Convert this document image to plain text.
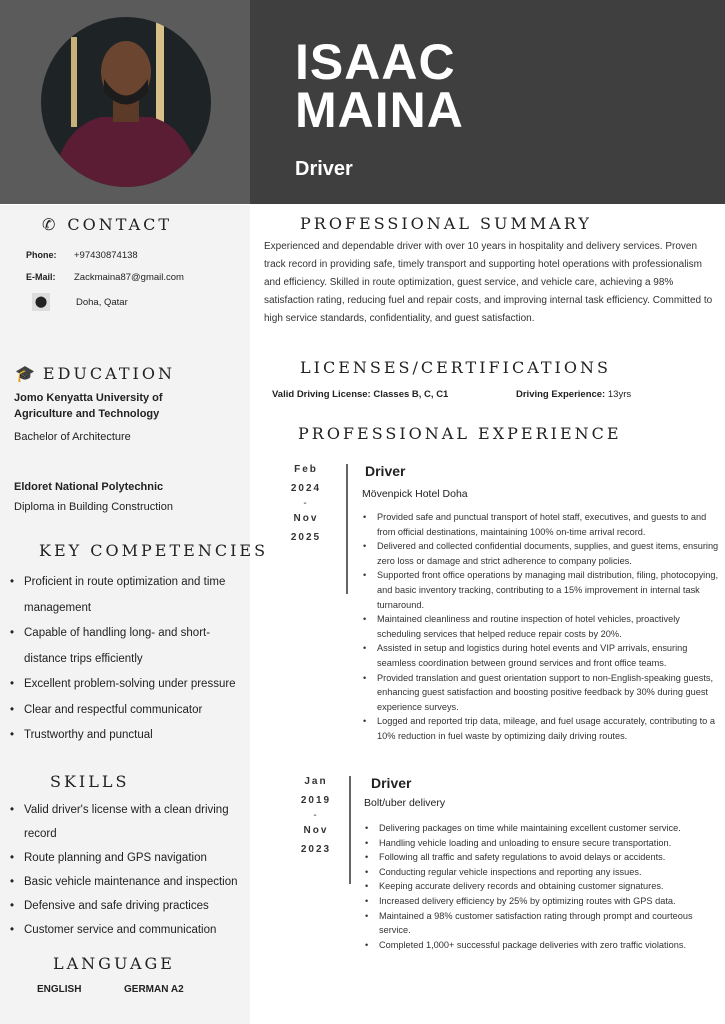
ISAAC
MAINA
Driver
✆ CONTACT
Phone: +97430874138
E-Mail: Zackmaina87@gmail.com
⬤	Doha, Qatar
🎓 EDUCATION
Jomo Kenyatta University of Agriculture and Technology
Bachelor of Architecture
Eldoret National Polytechnic
Diploma in Building Construction
KEY COMPETENCIES
• Proficient in route optimization and time management
• Capable of handling long- and short-distance trips efficiently
• Excellent problem-solving under pressure
• Clear and respectful communicator
• Trustworthy and punctual
SKILLS
• Valid driver's license with a clean driving record
• Route planning and GPS navigation
• Basic vehicle maintenance and inspection
• Defensive and safe driving practices
• Customer service and communication
LANGUAGE
ENGLISH	GERMAN A2
PROFESSIONAL SUMMARY
Experienced and dependable driver with over 10 years in hospitality and delivery services. Proven track record in providing safe, timely transport and supporting hotel operations with professionalism and efficiency. Skilled in route optimization, guest service, and vehicle care, achieving a 98% satisfaction rating, reducing fuel and repair costs, and improving internal task efficiency. Committed to high service standards, confidentiality, and guest satisfaction.
LICENSES/CERTIFICATIONS
Valid Driving License: Classes B, C, C1	Driving Experience: 13yrs
PROFESSIONAL EXPERIENCE
Feb
2024
-
Nov
2025
Driver
Mövenpick Hotel Doha
• Provided safe and punctual transport of hotel staff, executives, and guests to and from official destinations, maintaining 100% on-time arrival record.
• Delivered and collected confidential documents, supplies, and guest items, ensuring zero loss or damage and strict adherence to company policies.
• Supported front office operations by managing mail distribution, filing, photocopying, and basic inventory tracking, contributing to a 15% improvement in internal task turnaround.
• Maintained cleanliness and routine inspection of hotel vehicles, proactively scheduling services that helped reduce repair costs by 20%.
• Assisted in setup and logistics during hotel events and VIP arrivals, ensuring seamless coordination between ground services and front office teams.
• Provided translation and guest orientation support to non-English-speaking guests, enhancing guest satisfaction and boosting positive feedback by 30% during guest experience surveys.
• Logged and reported trip data, mileage, and fuel usage accurately, contributing to a 10% reduction in fuel waste by optimizing daily driving routes.
Jan
2019
-
Nov
2023
Driver
Bolt/uber delivery
• Delivering packages on time while maintaining excellent customer service.
• Handling vehicle loading and unloading to ensure secure transportation.
• Following all traffic and safety regulations to avoid delays or accidents.
• Conducting regular vehicle inspections and reporting any issues.
• Keeping accurate delivery records and obtaining customer signatures.
• Increased delivery efficiency by 25% by optimizing routes with GPS data.
• Maintained a 98% customer satisfaction rating through prompt and courteous service.
• Completed 1,000+ successful package deliveries with zero traffic violations.
